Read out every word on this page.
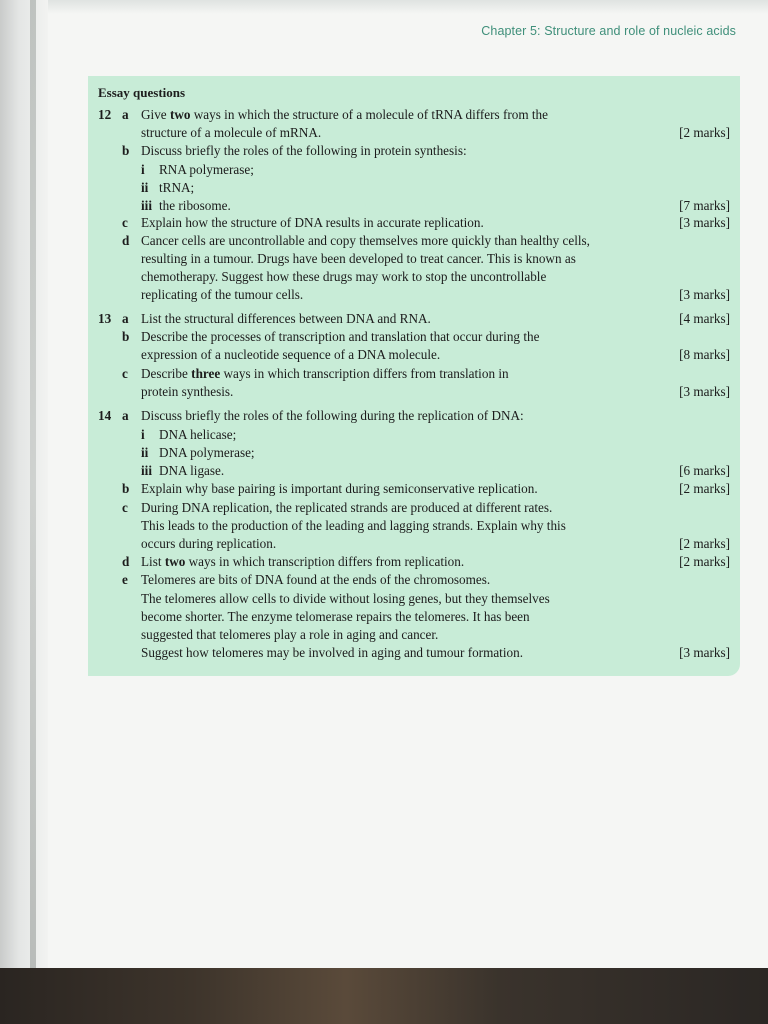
Chapter 5: Structure and role of nucleic acids
Essay questions
12 a Give two ways in which the structure of a molecule of tRNA differs from the
structure of a molecule of mRNA.	[2 marks]
b Discuss briefly the roles of the following in protein synthesis:
i RNA polymerase;
ii tRNA;
iii the ribosome.	[7 marks]
c Explain how the structure of DNA results in accurate replication.	[3 marks]
d Cancer cells are uncontrollable and copy themselves more quickly than healthy cells,
resulting in a tumour. Drugs have been developed to treat cancer. This is known as
chemotherapy. Suggest how these drugs may work to stop the uncontrollable
replicating of the tumour cells.	[3 marks]
13 a List the structural differences between DNA and RNA.	[4 marks]
b Describe the processes of transcription and translation that occur during the
expression of a nucleotide sequence of a DNA molecule.	[8 marks]
c Describe three ways in which transcription differs from translation in
protein synthesis.	[3 marks]
14 a Discuss briefly the roles of the following during the replication of DNA:
i DNA helicase;
ii DNA polymerase;
iii DNA ligase.	[6 marks]
b Explain why base pairing is important during semiconservative replication.	[2 marks]
c During DNA replication, the replicated strands are produced at different rates.
This leads to the production of the leading and lagging strands. Explain why this
occurs during replication.	[2 marks]
d List two ways in which transcription differs from replication.	[2 marks]
e Telomeres are bits of DNA found at the ends of the chromosomes.
The telomeres allow cells to divide without losing genes, but they themselves
become shorter. The enzyme telomerase repairs the telomeres. It has been
suggested that telomeres play a role in aging and cancer.
Suggest how telomeres may be involved in aging and tumour formation.	[3 marks]
